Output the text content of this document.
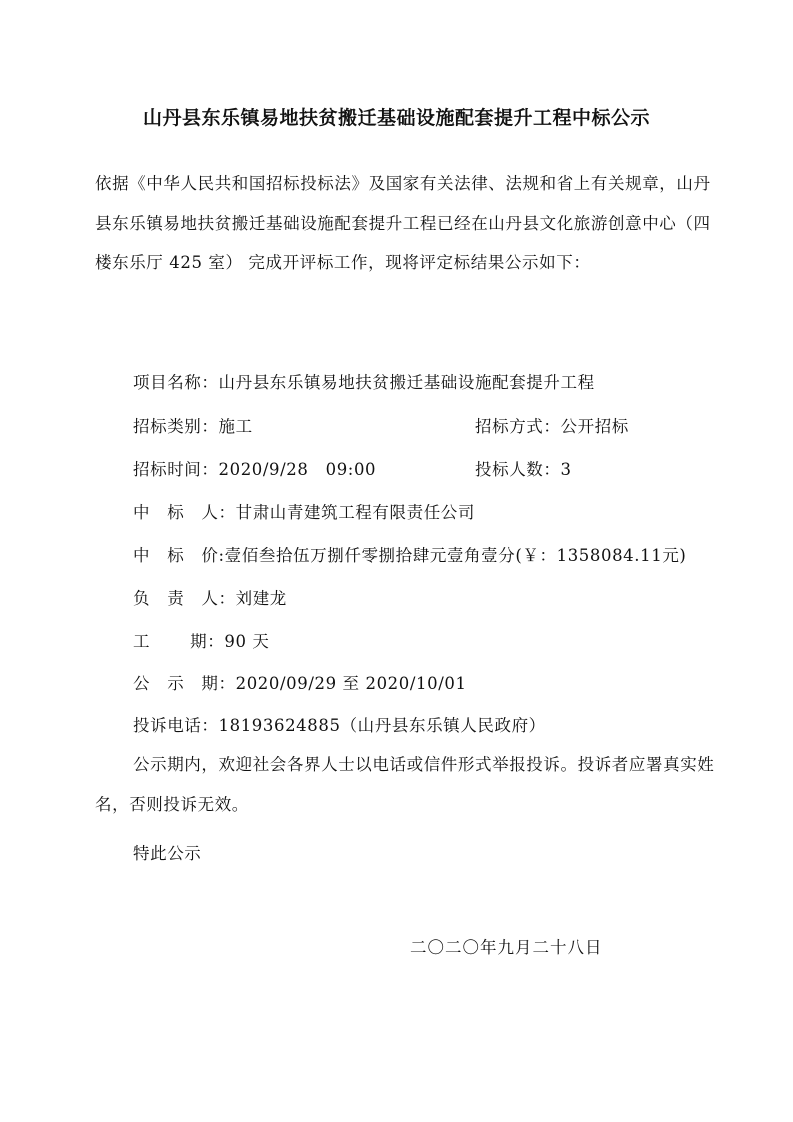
山丹县东乐镇易地扶贫搬迁基础设施配套提升工程中标公示
依据《中华人民共和国招标投标法》及国家有关法律、法规和省上有关规章，山丹县东乐镇易地扶贫搬迁基础设施配套提升工程已经在山丹县文化旅游创意中心（四楼东乐厅 425 室） 完成开评标工作，现将评定标结果公示如下：
项目名称：山丹县东乐镇易地扶贫搬迁基础设施配套提升工程
招标类别：施工	招标方式：公开招标
招标时间：2020/9/28　09:00	投标人数：3
中　标　人：甘肃山青建筑工程有限责任公司
中　标　价:壹佰叁拾伍万捌仟零捌拾肆元壹角壹分(￥：1358084.11元)
负　责　人：刘建龙
工　　 期：90 天
公　示　期：2020/09/29 至 2020/10/01
投诉电话：18193624885（山丹县东乐镇人民政府）
公示期内，欢迎社会各界人士以电话或信件形式举报投诉。投诉者应署真实姓名，否则投诉无效。
特此公示
二〇二〇年九月二十八日
